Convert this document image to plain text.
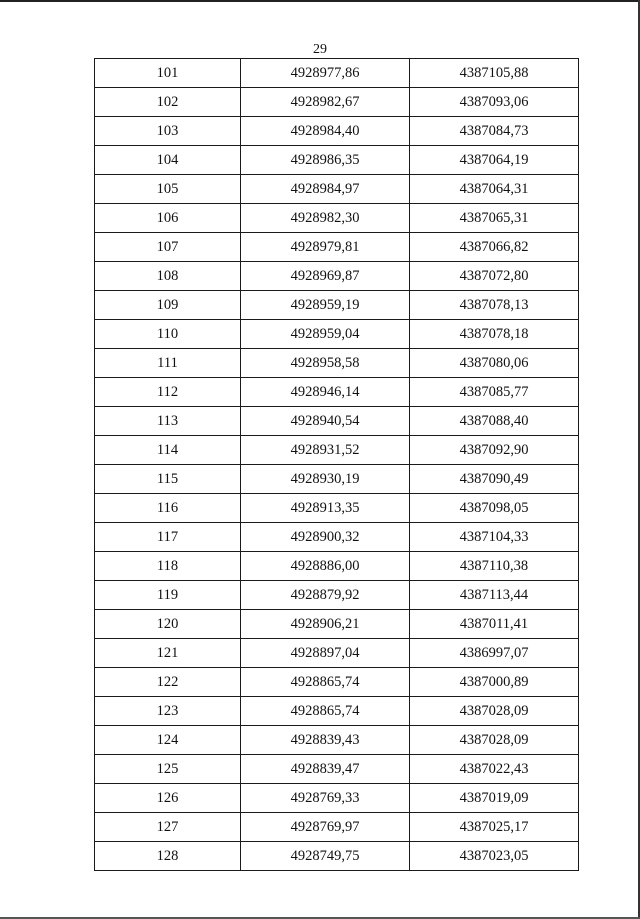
29
101	4928977,86	4387105,88
102	4928982,67	4387093,06
103	4928984,40	4387084,73
104	4928986,35	4387064,19
105	4928984,97	4387064,31
106	4928982,30	4387065,31
107	4928979,81	4387066,82
108	4928969,87	4387072,80
109	4928959,19	4387078,13
110	4928959,04	4387078,18
111	4928958,58	4387080,06
112	4928946,14	4387085,77
113	4928940,54	4387088,40
114	4928931,52	4387092,90
115	4928930,19	4387090,49
116	4928913,35	4387098,05
117	4928900,32	4387104,33
118	4928886,00	4387110,38
119	4928879,92	4387113,44
120	4928906,21	4387011,41
121	4928897,04	4386997,07
122	4928865,74	4387000,89
123	4928865,74	4387028,09
124	4928839,43	4387028,09
125	4928839,47	4387022,43
126	4928769,33	4387019,09
127	4928769,97	4387025,17
128	4928749,75	4387023,05
